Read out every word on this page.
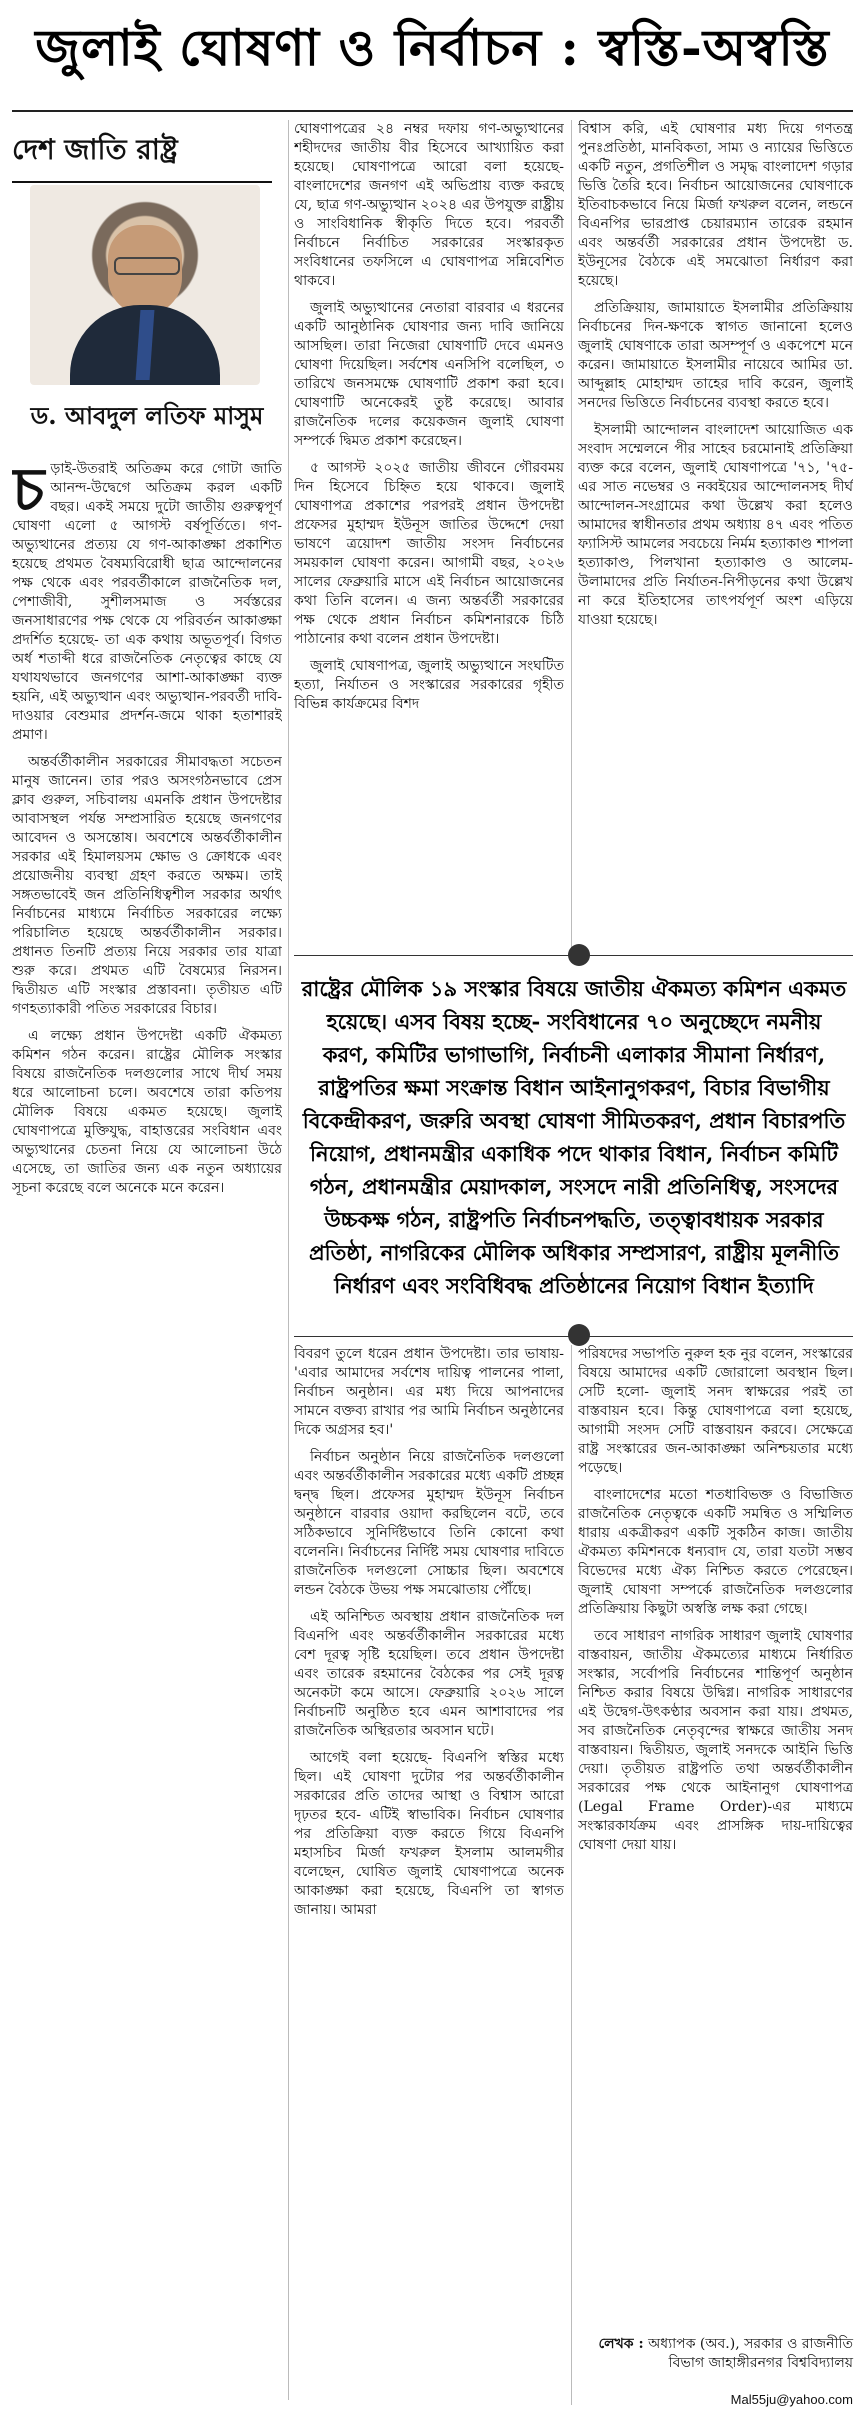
জুলাই ঘোষণা ও নির্বাচন : স্বস্তি-অস্বস্তি
দেশ জাতি রাষ্ট্র
ড. আবদুল লতিফ মাসুম

চড়াই-উতরাই অতিক্রম করে গোটা জাতি আনন্দ-উদ্বেগে অতিক্রম করল একটি বছর। একই সময়ে দুটো জাতীয় গুরুত্বপূর্ণ ঘোষণা এলো ৫ আগস্ট বর্ষপূর্তিতে। গণ-অভ্যুত্থানের প্রত্যয় যে গণ-আকাঙ্ক্ষা প্রকাশিত হয়েছে প্রথমত বৈষম্যবিরোধী ছাত্র আন্দোলনের পক্ষ থেকে এবং পরবর্তীকালে রাজনৈতিক দল, পেশাজীবী, সুশীলসমাজ ও সর্বস্তরের জনসাধারণের পক্ষ থেকে যে পরিবর্তন আকাঙ্ক্ষা প্রদর্শিত হয়েছে- তা এক কথায় অভূতপূর্ব। বিগত অর্ধ শতাব্দী ধরে রাজনৈতিক নেতৃত্বের কাছে যে যথাযথভাবে জনগণের আশা-আকাঙ্ক্ষা ব্যক্ত হয়নি, এই অভ্যুত্থান এবং অভ্যুত্থান-পরবর্তী দাবি-দাওয়ার বেশুমার প্রদর্শন-জমে থাকা হতাশারই প্রমাণ।

অন্তর্বর্তীকালীন সরকারের সীমাবদ্ধতা সচেতন মানুষ জানেন। তার পরও অসংগঠনভাবে প্রেস ক্লাব গুরুল, সচিবালয় এমনকি প্রধান উপদেষ্টার আবাসস্থল পর্যন্ত সম্প্রসারিত হয়েছে জনগণের আবেদন ও অসন্তোষ। অবশেষে অন্তর্বর্তীকালীন সরকার এই হিমালয়সম ক্ষোভ ও ক্রোধকে এবং প্রয়োজনীয় ব্যবস্থা গ্রহণ করতে অক্ষম। তাই সঙ্গতভাবেই জন প্রতিনিধিত্বশীল সরকার অর্থাৎ নির্বাচনের মাধ্যমে নির্বাচিত সরকারের লক্ষ্যে পরিচালিত হয়েছে অন্তর্বর্তীকালীন সরকার। প্রধানত তিনটি প্রত্যয় নিয়ে সরকার তার যাত্রা শুরু করে। প্রথমত এটি বৈষম্যের নিরসন। দ্বিতীয়ত এটি সংস্কার প্রস্তাবনা। তৃতীয়ত এটি গণহত্যাকারী পতিত সরকারের বিচার।

এ লক্ষ্যে প্রধান উপদেষ্টা একটি ঐকমত্য কমিশন গঠন করেন। রাষ্ট্রের মৌলিক সংস্কার বিষয়ে রাজনৈতিক দলগুলোর সাথে দীর্ঘ সময় ধরে আলোচনা চলে। অবশেষে তারা কতিপয় মৌলিক বিষয়ে একমত হয়েছে। জুলাই ঘোষণাপত্রে মুক্তিযুদ্ধ, বাহাত্তরের সংবিধান এবং অভ্যুত্থানের চেতনা নিয়ে যে আলোচনা উঠে এসেছে, তা জাতির জন্য এক নতুন অধ্যায়ের সূচনা করেছে বলে অনেকে মনে করেন।

ঘোষণাপত্রের ২৪ নম্বর দফায় গণ-অভ্যুত্থানের শহীদদের জাতীয় বীর হিসেবে আখ্যায়িত করা হয়েছে। ঘোষণাপত্রে আরো বলা হয়েছে- বাংলাদেশের জনগণ এই অভিপ্রায় ব্যক্ত করছে যে, ছাত্র গণ-অভ্যুত্থান ২০২৪ এর উপযুক্ত রাষ্ট্রীয় ও সাংবিধানিক স্বীকৃতি দিতে হবে। পরবর্তী নির্বাচনে নির্বাচিত সরকারের সংস্কারকৃত সংবিধানের তফসিলে এ ঘোষণাপত্র সন্নিবেশিত থাকবে।

জুলাই অভ্যুত্থানের নেতারা বারবার এ ধরনের একটি আনুষ্ঠানিক ঘোষণার জন্য দাবি জানিয়ে আসছিল। তারা নিজেরা ঘোষণাটি দেবে এমনও ঘোষণা দিয়েছিল। সর্বশেষ এনসিপি বলেছিল, ৩ তারিখে জনসমক্ষে ঘোষণাটি প্রকাশ করা হবে। ঘোষণাটি অনেকেরই তুষ্ট করেছে। আবার রাজনৈতিক দলের কয়েকজন জুলাই ঘোষণা সম্পর্কে দ্বিমত প্রকাশ করেছেন।

৫ আগস্ট ২০২৫ জাতীয় জীবনে গৌরবময় দিন হিসেবে চিহ্নিত হয়ে থাকবে। জুলাই ঘোষণাপত্র প্রকাশের পরপরই প্রধান উপদেষ্টা প্রফেসর মুহাম্মদ ইউনূস জাতির উদ্দেশে দেয়া ভাষণে ত্রয়োদশ জাতীয় সংসদ নির্বাচনের সময়কাল ঘোষণা করেন। আগামী বছর, ২০২৬ সালের ফেব্রুয়ারি মাসে এই নির্বাচন আয়োজনের কথা তিনি বলেন। এ জন্য অন্তর্বর্তী সরকারের পক্ষ থেকে প্রধান নির্বাচন কমিশনারকে চিঠি পাঠানোর কথা বলেন প্রধান উপদেষ্টা।

জুলাই ঘোষণাপত্র, জুলাই অভ্যুত্থানে সংঘটিত হত্যা, নির্যাতন ও সংস্কারের সরকারের গৃহীত বিভিন্ন কার্যক্রমের বিশদ

বিশ্বাস করি, এই ঘোষণার মধ্য দিয়ে গণতন্ত্র পুনঃপ্রতিষ্ঠা, মানবিকতা, সাম্য ও ন্যায়ের ভিত্তিতে একটি নতুন, প্রগতিশীল ও সমৃদ্ধ বাংলাদেশ গড়ার ভিত্তি তৈরি হবে। নির্বাচন আয়োজনের ঘোষণাকে ইতিবাচকভাবে নিয়ে মির্জা ফখরুল বলেন, লন্ডনে বিএনপির ভারপ্রাপ্ত চেয়ারম্যান তারেক রহমান এবং অন্তর্বর্তী সরকারের প্রধান উপদেষ্টা ড. ইউনূসের বৈঠকে এই সমঝোতা নির্ধারণ করা হয়েছে।

প্রতিক্রিয়ায়, জামায়াতে ইসলামীর প্রতিক্রিয়ায় নির্বাচনের দিন-ক্ষণকে স্বাগত জানানো হলেও জুলাই ঘোষণাকে তারা অসম্পূর্ণ ও একপেশে মনে করেন। জামায়াতে ইসলামীর নায়েবে আমির ডা. আব্দুল্লাহ মোহাম্মদ তাহের দাবি করেন, জুলাই সনদের ভিত্তিতে নির্বাচনের ব্যবস্থা করতে হবে।

ইসলামী আন্দোলন বাংলাদেশ আয়োজিত এক সংবাদ সম্মেলনে পীর সাহেব চরমোনাই প্রতিক্রিয়া ব্যক্ত করে বলেন, জুলাই ঘোষণাপত্রে '৭১, '৭৫-এর সাত নভেম্বর ও নব্বইয়ের আন্দোলনসহ দীর্ঘ আন্দোলন-সংগ্রামের কথা উল্লেখ করা হলেও আমাদের স্বাধীনতার প্রথম অধ্যায় ৪৭ এবং পতিত ফ্যাসিস্ট আমলের সবচেয়ে নির্মম হত্যাকাণ্ড শাপলা হত্যাকাণ্ড, পিলখানা হত্যাকাণ্ড ও আলেম-উলামাদের প্রতি নির্যাতন-নিপীড়নের কথা উল্লেখ না করে ইতিহাসের তাৎপর্যপূর্ণ অংশ এড়িয়ে যাওয়া হয়েছে।

রাষ্ট্রের মৌলিক ১৯ সংস্কার বিষয়ে জাতীয় ঐকমত্য কমিশন একমত হয়েছে। এসব বিষয় হচ্ছে- সংবিধানের ৭০ অনুচ্ছেদে নমনীয় করণ, কমিটির ভাগাভাগি, নির্বাচনী এলাকার সীমানা নির্ধারণ, রাষ্ট্রপতির ক্ষমা সংক্রান্ত বিধান আইনানুগকরণ, বিচার বিভাগীয় বিকেন্দ্রীকরণ, জরুরি অবস্থা ঘোষণা সীমিতকরণ, প্রধান বিচারপতি নিয়োগ, প্রধানমন্ত্রীর একাধিক পদে থাকার বিধান, নির্বাচন কমিটি গঠন, প্রধানমন্ত্রীর মেয়াদকাল, সংসদে নারী প্রতিনিধিত্ব, সংসদের উচ্চকক্ষ গঠন, রাষ্ট্রপতি নির্বাচনপদ্ধতি, তত্ত্বাবধায়ক সরকার প্রতিষ্ঠা, নাগরিকের মৌলিক অধিকার সম্প্রসারণ, রাষ্ট্রীয় মূলনীতি নির্ধারণ এবং সংবিধিবদ্ধ প্রতিষ্ঠানের নিয়োগ বিধান ইত্যাদি

বিবরণ তুলে ধরেন প্রধান উপদেষ্টা। তার ভাষায়- 'এবার আমাদের সর্বশেষ দায়িত্ব পালনের পালা, নির্বাচন অনুষ্ঠান। এর মধ্য দিয়ে আপনাদের সামনে বক্তব্য রাখার পর আমি নির্বাচন অনুষ্ঠানের দিকে অগ্রসর হব।'

নির্বাচন অনুষ্ঠান নিয়ে রাজনৈতিক দলগুলো এবং অন্তর্বর্তীকালীন সরকারের মধ্যে একটি প্রচ্ছন্ন দ্বন্দ্ব ছিল। প্রফেসর মুহাম্মদ ইউনূস নির্বাচন অনুষ্ঠানে বারবার ওয়াদা করছিলেন বটে, তবে সঠিকভাবে সুনির্দিষ্টভাবে তিনি কোনো কথা বলেননি। নির্বাচনের নির্দিষ্ট সময় ঘোষণার দাবিতে রাজনৈতিক দলগুলো সোচ্চার ছিল। অবশেষে লন্ডন বৈঠকে উভয় পক্ষ সমঝোতায় পৌঁছে।

এই অনিশ্চিত অবস্থায় প্রধান রাজনৈতিক দল বিএনপি এবং অন্তর্বর্তীকালীন সরকারের মধ্যে বেশ দূরত্ব সৃষ্টি হয়েছিল। তবে প্রধান উপদেষ্টা এবং তারেক রহমানের বৈঠকের পর সেই দূরত্ব অনেকটা কমে আসে। ফেব্রুয়ারি ২০২৬ সালে নির্বাচনটি অনুষ্ঠিত হবে এমন আশাবাদের পর রাজনৈতিক অস্থিরতার অবসান ঘটে।

আগেই বলা হয়েছে- বিএনপি স্বস্তির মধ্যে ছিল। এই ঘোষণা দুটোর পর অন্তর্বর্তীকালীন সরকারের প্রতি তাদের আস্থা ও বিশ্বাস আরো দৃঢ়তর হবে- এটিই স্বাভাবিক। নির্বাচন ঘোষণার পর প্রতিক্রিয়া ব্যক্ত করতে গিয়ে বিএনপি মহাসচিব মির্জা ফখরুল ইসলাম আলমগীর বলেছেন, ঘোষিত জুলাই ঘোষণাপত্রে অনেক আকাঙ্ক্ষা করা হয়েছে, বিএনপি তা স্বাগত জানায়। আমরা

পরিষদের সভাপতি নুরুল হক নুর বলেন, সংস্কারের বিষয়ে আমাদের একটি জোরালো অবস্থান ছিল। সেটি হলো- জুলাই সনদ স্বাক্ষরের পরই তা বাস্তবায়ন হবে। কিন্তু ঘোষণাপত্রে বলা হয়েছে, আগামী সংসদ সেটি বাস্তবায়ন করবে। সেক্ষেত্রে রাষ্ট্র সংস্কারের জন-আকাঙ্ক্ষা অনিশ্চয়তার মধ্যে পড়েছে।

বাংলাদেশের মতো শতধাবিভক্ত ও বিভাজিত রাজনৈতিক নেতৃত্বকে একটি সমন্বিত ও সম্মিলিত ধারায় একত্রীকরণ একটি সুকঠিন কাজ। জাতীয় ঐকমত্য কমিশনকে ধন্যবাদ যে, তারা যতটা সম্ভব বিভেদের মধ্যে ঐক্য নিশ্চিত করতে পেরেছেন। জুলাই ঘোষণা সম্পর্কে রাজনৈতিক দলগুলোর প্রতিক্রিয়ায় কিছুটা অস্বস্তি লক্ষ করা গেছে।

তবে সাধারণ নাগরিক সাধারণ জুলাই ঘোষণার বাস্তবায়ন, জাতীয় ঐকমত্যের মাধ্যমে নির্ধারিত সংস্কার, সর্বোপরি নির্বাচনের শান্তিপূর্ণ অনুষ্ঠান নিশ্চিত করার বিষয়ে উদ্বিগ্ন। নাগরিক সাধারণের এই উদ্বেগ-উৎকণ্ঠার অবসান করা যায়। প্রথমত, সব রাজনৈতিক নেতৃবৃন্দের স্বাক্ষরে জাতীয় সনদ বাস্তবায়ন। দ্বিতীয়ত, জুলাই সনদকে আইনি ভিত্তি দেয়া। তৃতীয়ত রাষ্ট্রপতি তথা অন্তর্বর্তীকালীন সরকারের পক্ষ থেকে আইনানুগ ঘোষণাপত্র (Legal Frame Order)-এর মাধ্যমে সংস্কারকার্যক্রম এবং প্রাসঙ্গিক দায়-দায়িত্বের ঘোষণা দেয়া যায়।

লেখক : অধ্যাপক (অব.), সরকার ও রাজনীতি বিভাগ জাহাঙ্গীরনগর বিশ্ববিদ্যালয়
Mal55ju@yahoo.com
